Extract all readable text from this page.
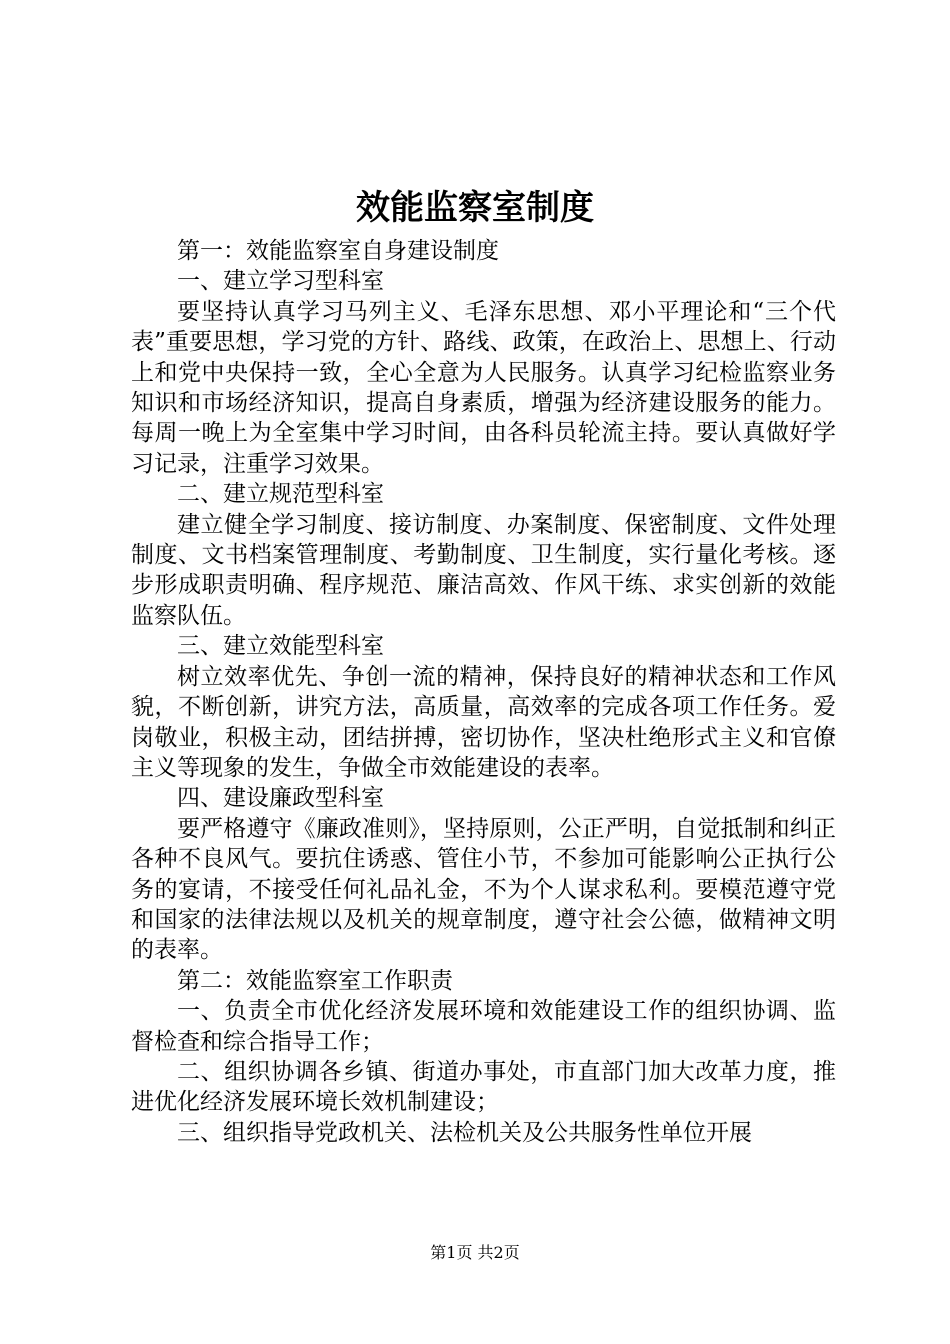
效能监察室制度

第一：效能监察室自身建设制度

一、建立学习型科室

要坚持认真学习马列主义、毛泽东思想、邓小平理论和“三个代表”重要思想，学习党的方针、路线、政策，在政治上、思想上、行动上和党中央保持一致，全心全意为人民服务。认真学习纪检监察业务知识和市场经济知识，提高自身素质，增强为经济建设服务的能力。每周一晚上为全室集中学习时间，由各科员轮流主持。要认真做好学习记录，注重学习效果。

二、建立规范型科室

建立健全学习制度、接访制度、办案制度、保密制度、文件处理制度、文书档案管理制度、考勤制度、卫生制度，实行量化考核。逐步形成职责明确、程序规范、廉洁高效、作风干练、求实创新的效能监察队伍。

三、建立效能型科室

树立效率优先、争创一流的精神，保持良好的精神状态和工作风貌，不断创新，讲究方法，高质量，高效率的完成各项工作任务。爱岗敬业，积极主动，团结拼搏，密切协作，坚决杜绝形式主义和官僚主义等现象的发生，争做全市效能建设的表率。

四、建设廉政型科室

要严格遵守《廉政准则》，坚持原则，公正严明，自觉抵制和纠正各种不良风气。要抗住诱惑、管住小节，不参加可能影响公正执行公务的宴请，不接受任何礼品礼金，不为个人谋求私利。要模范遵守党和国家的法律法规以及机关的规章制度，遵守社会公德，做精神文明的表率。

第二：效能监察室工作职责

一、负责全市优化经济发展环境和效能建设工作的组织协调、监督检查和综合指导工作；

二、组织协调各乡镇、街道办事处，市直部门加大改革力度，推进优化经济发展环境长效机制建设；

三、组织指导党政机关、法检机关及公共服务性单位开展

第1页 共2页
